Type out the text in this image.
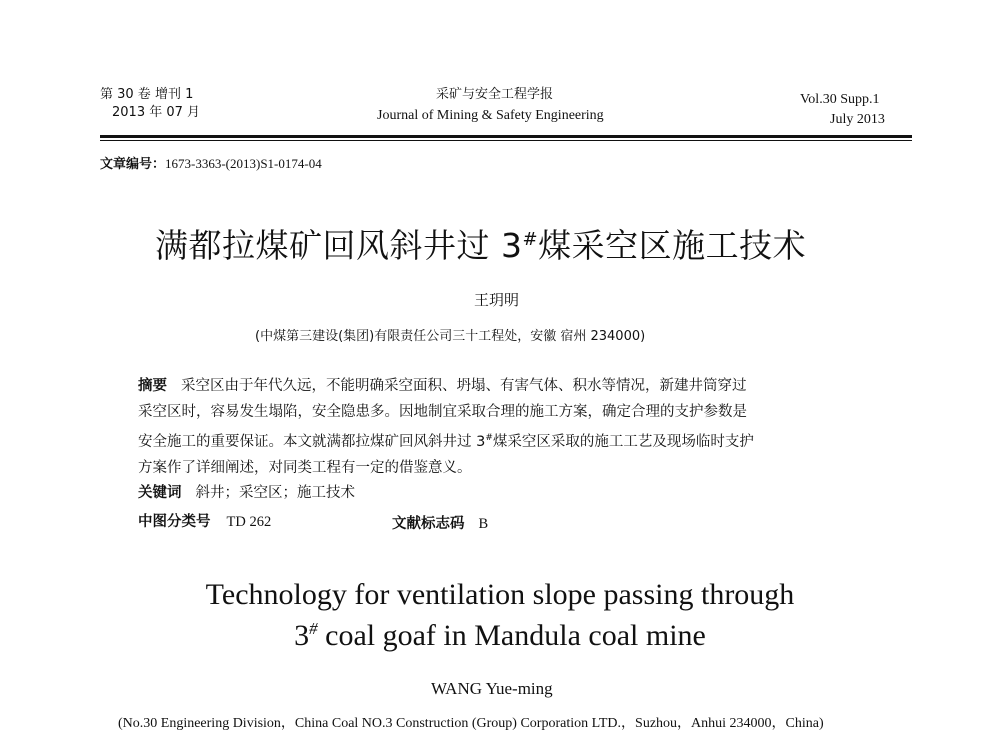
第 30 卷 增刊 1
2013 年 07 月
采矿与安全工程学报
Journal of Mining & Safety Engineering
Vol.30 Supp.1
July 2013
文章编号：1673-3363-(2013)S1-0174-04
满都拉煤矿回风斜井过 3#煤采空区施工技术
王玥明
(中煤第三建设(集团)有限责任公司三十工程处，安徽 宿州 234000)

摘要 采空区由于年代久远，不能明确采空面积、坍塌、有害气体、积水等情况，新建井筒穿过

采空区时，容易发生塌陷，安全隐患多。因地制宜采取合理的施工方案，确定合理的支护参数是

安全施工的重要保证。本文就满都拉煤矿回风斜井过 3#煤采空区采取的施工工艺及现场临时支护

方案作了详细阐述，对同类工程有一定的借鉴意义。

关键词 斜井；采空区；施工技术
中图分类号 TD 262	文献标志码 B
Technology for ventilation slope passing through
3# coal goaf in Mandula coal mine
WANG Yue-ming
(No.30 Engineering Division，China Coal NO.3 Construction (Group) Corporation LTD.，Suzhou，Anhui 234000，China)
